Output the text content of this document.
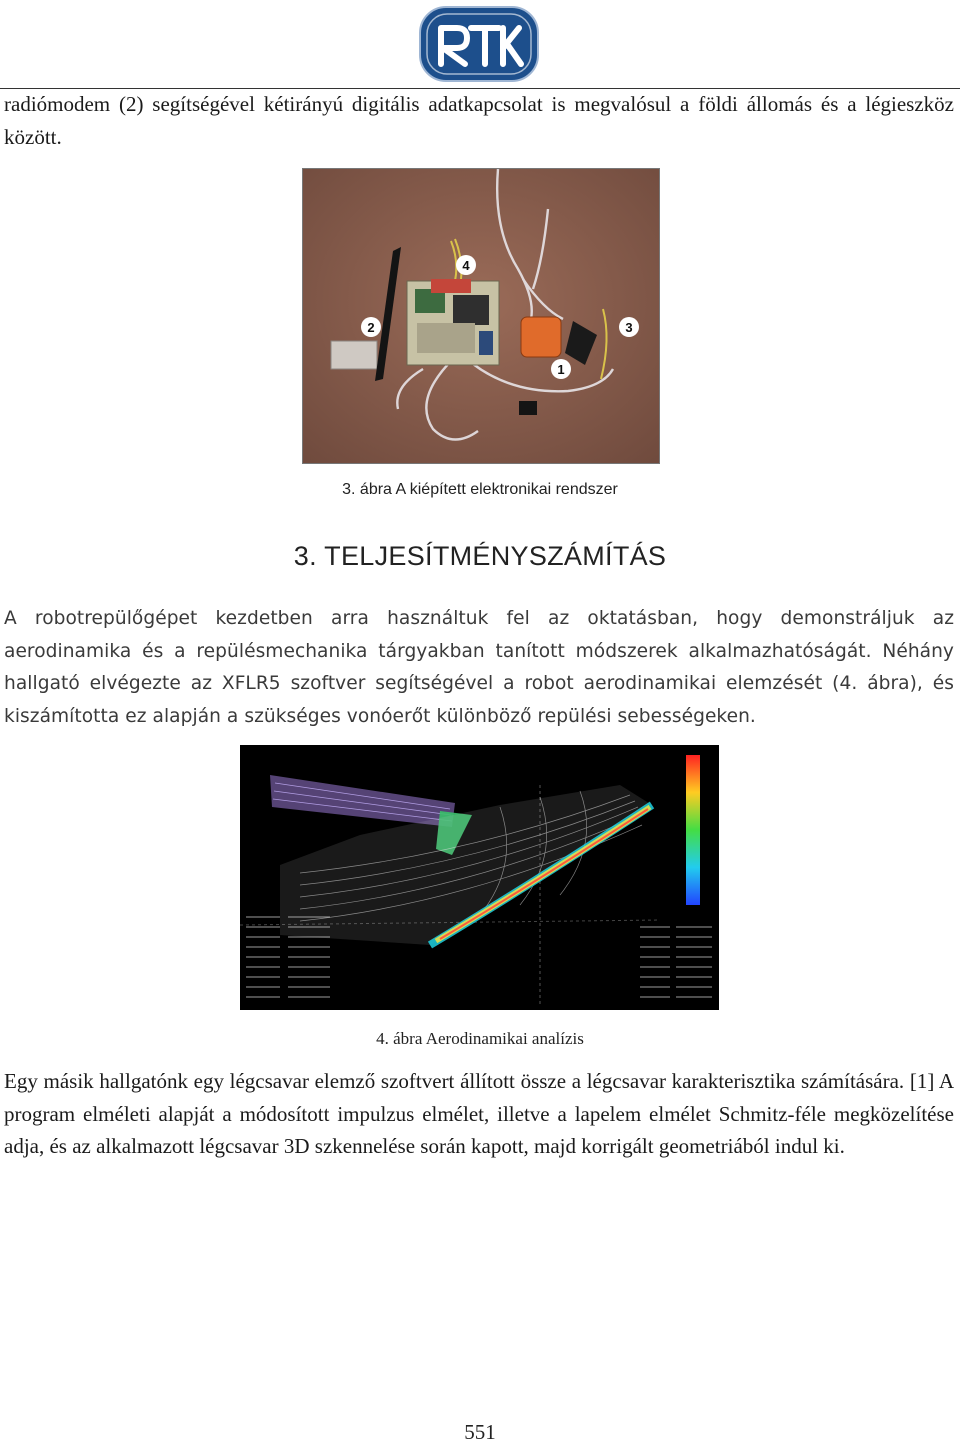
radiómodem (2) segítségével kétirányú digitális adatkapcsolat is megvalósul a földi állomás és a légieszköz között.

4
2	3
1

3. ábra A kiépített elektronikai rendszer

3. TELJESÍTMÉNYSZÁMÍTÁS

A robotrepülőgépet kezdetben arra használtuk fel az oktatásban, hogy demonstráljuk az aerodinamika és a repülésmechanika tárgyakban tanított módszerek alkalmazhatóságát. Néhány hallgató elvégezte az XFLR5 szoftver segítségével a robot aerodinamikai elemzését (4. ábra), és kiszámította ez alapján a szükséges vonóerőt különböző repülési sebességeken.

4. ábra Aerodinamikai analízis

Egy másik hallgatónk egy légcsavar elemző szoftvert állított össze a légcsavar karakterisztika számítására. [1] A program elméleti alapját a módosított impulzus elmélet, illetve a lapelem elmélet Schmitz-féle megközelítése adja, és az alkalmazott légcsavar 3D szkennelése során kapott, majd korrigált geometriából indul ki.

551
